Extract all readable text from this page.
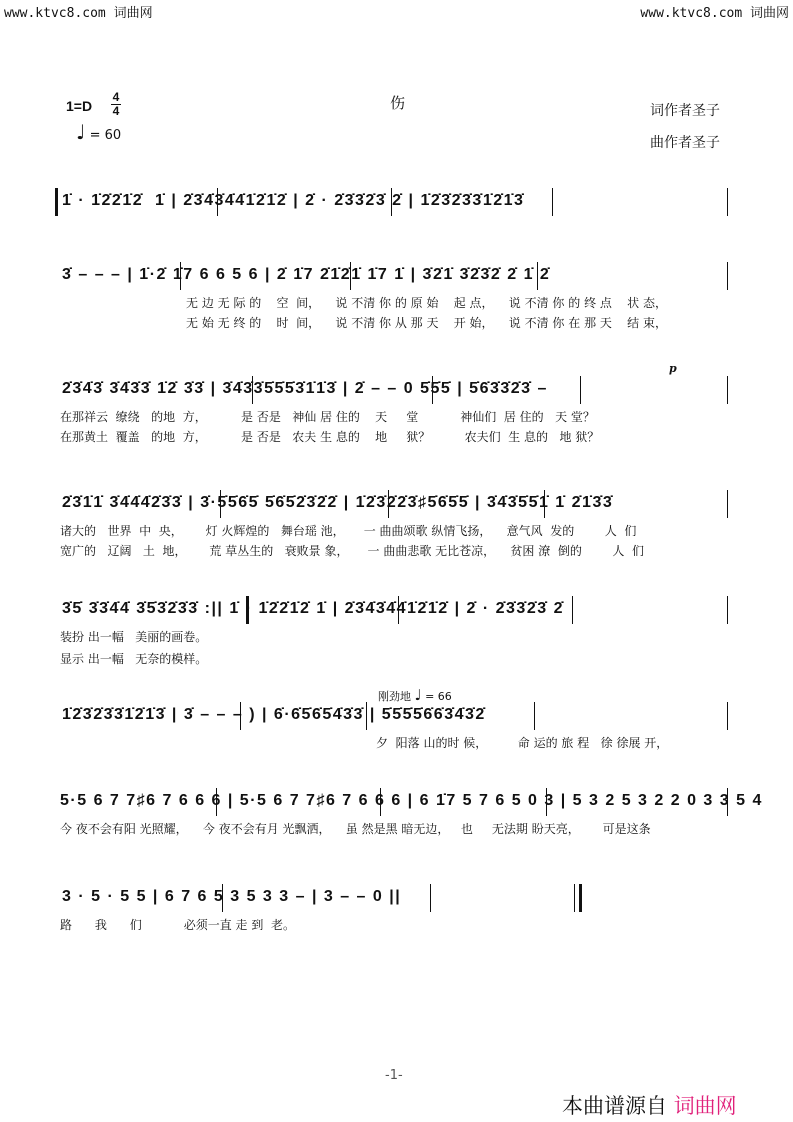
www.ktvc8.com 词曲网	www.ktvc8.com 词曲网
1=D
4
4
♩ = 60
伤	词作者圣子
曲作者圣子
1̇ · 1̇2̇2̇1̇2̇  1̇ | 2̇3̇4̇3̇4̇4̇1̇2̇1̇2̇ | 2̇ · 2̇3̇3̇2̇3̇ 2̇ | 1̇2̇3̇2̇3̇3̇1̇2̇1̇3̇
3̇ – – – | 1̇·2̇ 1̇7 6 6 5 6 | 2̇ 1̇7 2̇1̇2̇1̇ 1̇7 1̇ | 3̇2̇1̇ 3̇2̇3̇2̇ 2̇ 1̇ 2̇
无 边 无 际 的    空  间，    说 不清 你 的 原 始    起 点，    说 不清 你 的 终 点    状 态，
无 始 无 终 的    时  间，    说 不清 你 从 那 天    开 始，    说 不清 你 在 那 天    结 束，
2̇3̇4̇3̇ 3̇4̇3̇3̇ 1̇2̇ 3̇3̇ | 3̇4̇3̇3̇5̇5̇5̇3̇1̇1̇3̇ | 2̇ – – 0 5̇5̇5̇ | 5̇6̇3̇3̇2̇3̇ –
p
在那祥云  缭绕   的地  方，         是 否是   神仙 居 住的    天     堂           神仙们  居 住的   天 堂？
在那黄土  覆盖   的地  方，         是 否是   农夫 生 息的    地     狱？         农夫们  生 息的   地 狱？
2̇3̇1̇1̇ 3̇4̇4̇4̇2̇3̇3̇ | 3̇·5̇5̇6̇5̇ 5̇6̇5̇2̇3̇2̇2̇ | 1̇2̇3̇2̇2̇3̇♯5̇6̇5̇5̇ | 3̇4̇3̇5̇5̇1̇ 1̇ 2̇1̇3̇3̇
诸大的   世界  中  央，      灯 火辉煌的   舞台瑶 池，     一 曲曲颂歌 纵情飞扬，    意气风  发的        人  们
宽广的   辽阔   土  地，      荒 草丛生的   衰败景 象，     一 曲曲悲歌 无比苍凉，    贫困 潦  倒的        人  们
3̇5̇ 3̇3̇4̇4̇ 3̇5̇3̇2̇3̇3̇ :|| 1̇ · 1̇2̇2̇1̇2̇ 1̇ | 2̇3̇4̇3̇4̇4̇1̇2̇1̇2̇ | 2̇ · 2̇3̇3̇2̇3̇ 2̇
装扮 出一幅   美丽的画卷。
显示 出一幅   无奈的模样。
刚劲地 ♩ = 66
1̇2̇3̇2̇3̇3̇1̇2̇1̇3̇ | 3̇ – – – ) | 6̇·6̇5̇6̇5̇4̇3̇3̇ | 5̇5̇5̇5̇6̇6̇3̇4̇3̇2̇
夕  阳落 山的时 候，        命 运的 旅 程   徐 徐展 开，
5·5 6 7 7♯6 7 6 6 6 | 5·5 6 7 7♯6 7 6 6 6 | 6 1̇7 5 7 6 5 0 3 | 5 3 2 5 3 2 2 0 3 3 5 4
今 夜不会有阳 光照耀，    今 夜不会有月 光飘洒，    虽 然是黑 暗无边，   也     无法期 盼天亮，      可是这条
3 · 5 · 5 5 | 6 7 6 5 3 5 3 3 – | 3 – – 0 ||
路      我      们           必须一直 走 到  老。
-1-
本曲谱源自 词曲网
